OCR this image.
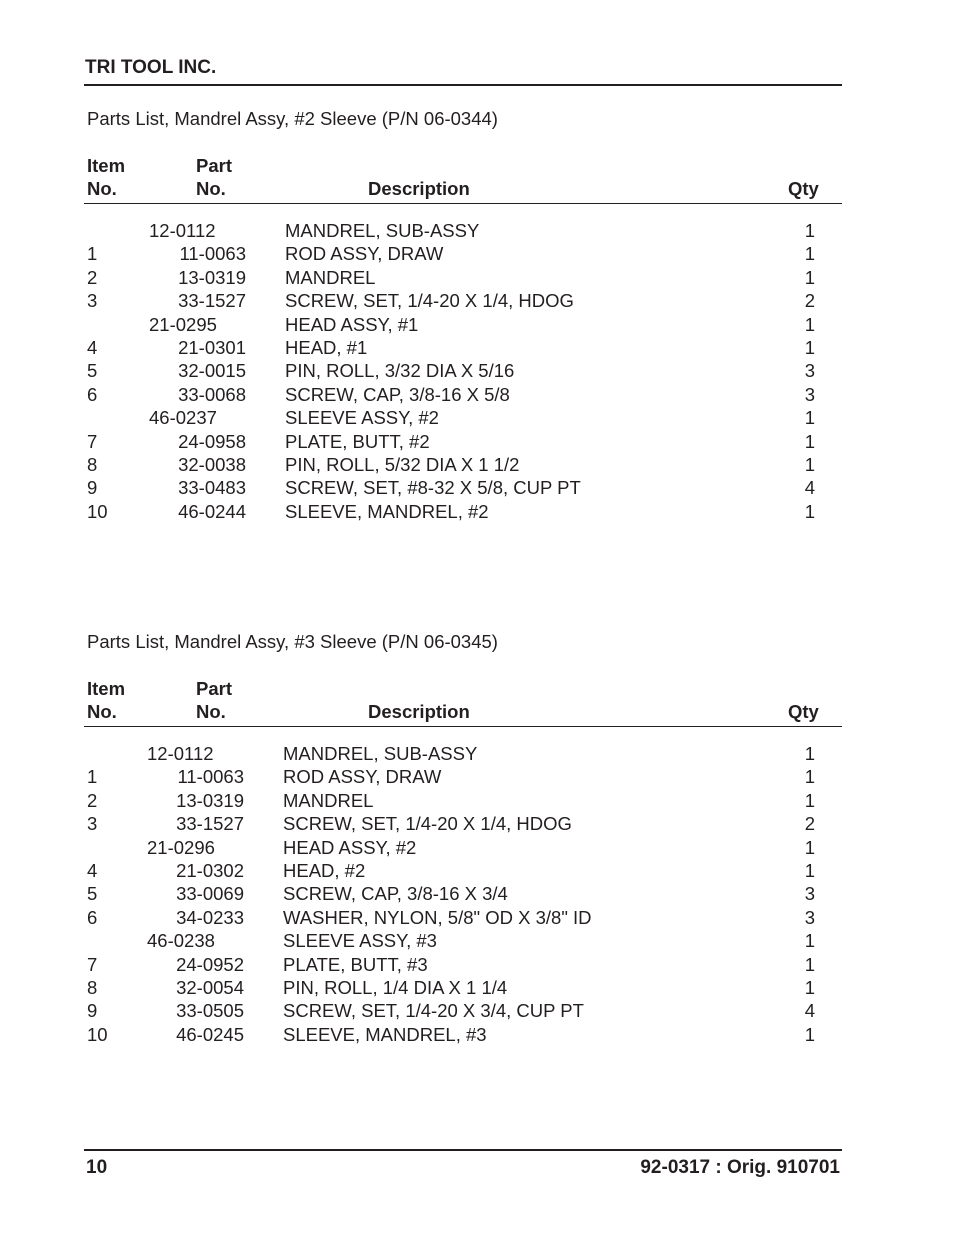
TRI TOOL INC.
Parts List, Mandrel Assy, #2 Sleeve (P/N 06-0344)
Item
No.
Part
No.	Description	Qty
12-0112	MANDREL, SUB-ASSY	1
1	11-0063 ROD ASSY, DRAW	1
2	13-0319 MANDREL	1
3	33-1527 SCREW, SET, 1/4-20 X 1/4, HDOG	2
21-0295	HEAD ASSY, #1	1
4	21-0301 HEAD, #1	1
5	32-0015 PIN, ROLL, 3/32 DIA X 5/16	3
6	33-0068 SCREW, CAP, 3/8-16 X 5/8	3
46-0237	SLEEVE ASSY, #2	1
7	24-0958 PLATE, BUTT, #2	1
8	32-0038 PIN, ROLL, 5/32 DIA X 1 1/2	1
9	33-0483 SCREW, SET, #8-32 X 5/8, CUP PT	4
10	46-0244 SLEEVE, MANDREL, #2	1
Parts List, Mandrel Assy, #3 Sleeve (P/N 06-0345)
Item
No.
Part
No.	Description	Qty
12-0112	MANDREL, SUB-ASSY	1
1	11-0063 ROD ASSY, DRAW	1
2	13-0319 MANDREL	1
3	33-1527 SCREW, SET, 1/4-20 X 1/4, HDOG	2
21-0296	HEAD ASSY, #2	1
4	21-0302 HEAD, #2	1
5	33-0069 SCREW, CAP, 3/8-16 X 3/4	3
6	34-0233 WASHER, NYLON, 5/8" OD X 3/8" ID	3
46-0238	SLEEVE ASSY, #3	1
7	24-0952 PLATE, BUTT, #3	1
8	32-0054 PIN, ROLL, 1/4 DIA X 1 1/4	1
9	33-0505 SCREW, SET, 1/4-20 X 3/4, CUP PT	4
10	46-0245 SLEEVE, MANDREL, #3	1
10	92-0317 : Orig. 910701
